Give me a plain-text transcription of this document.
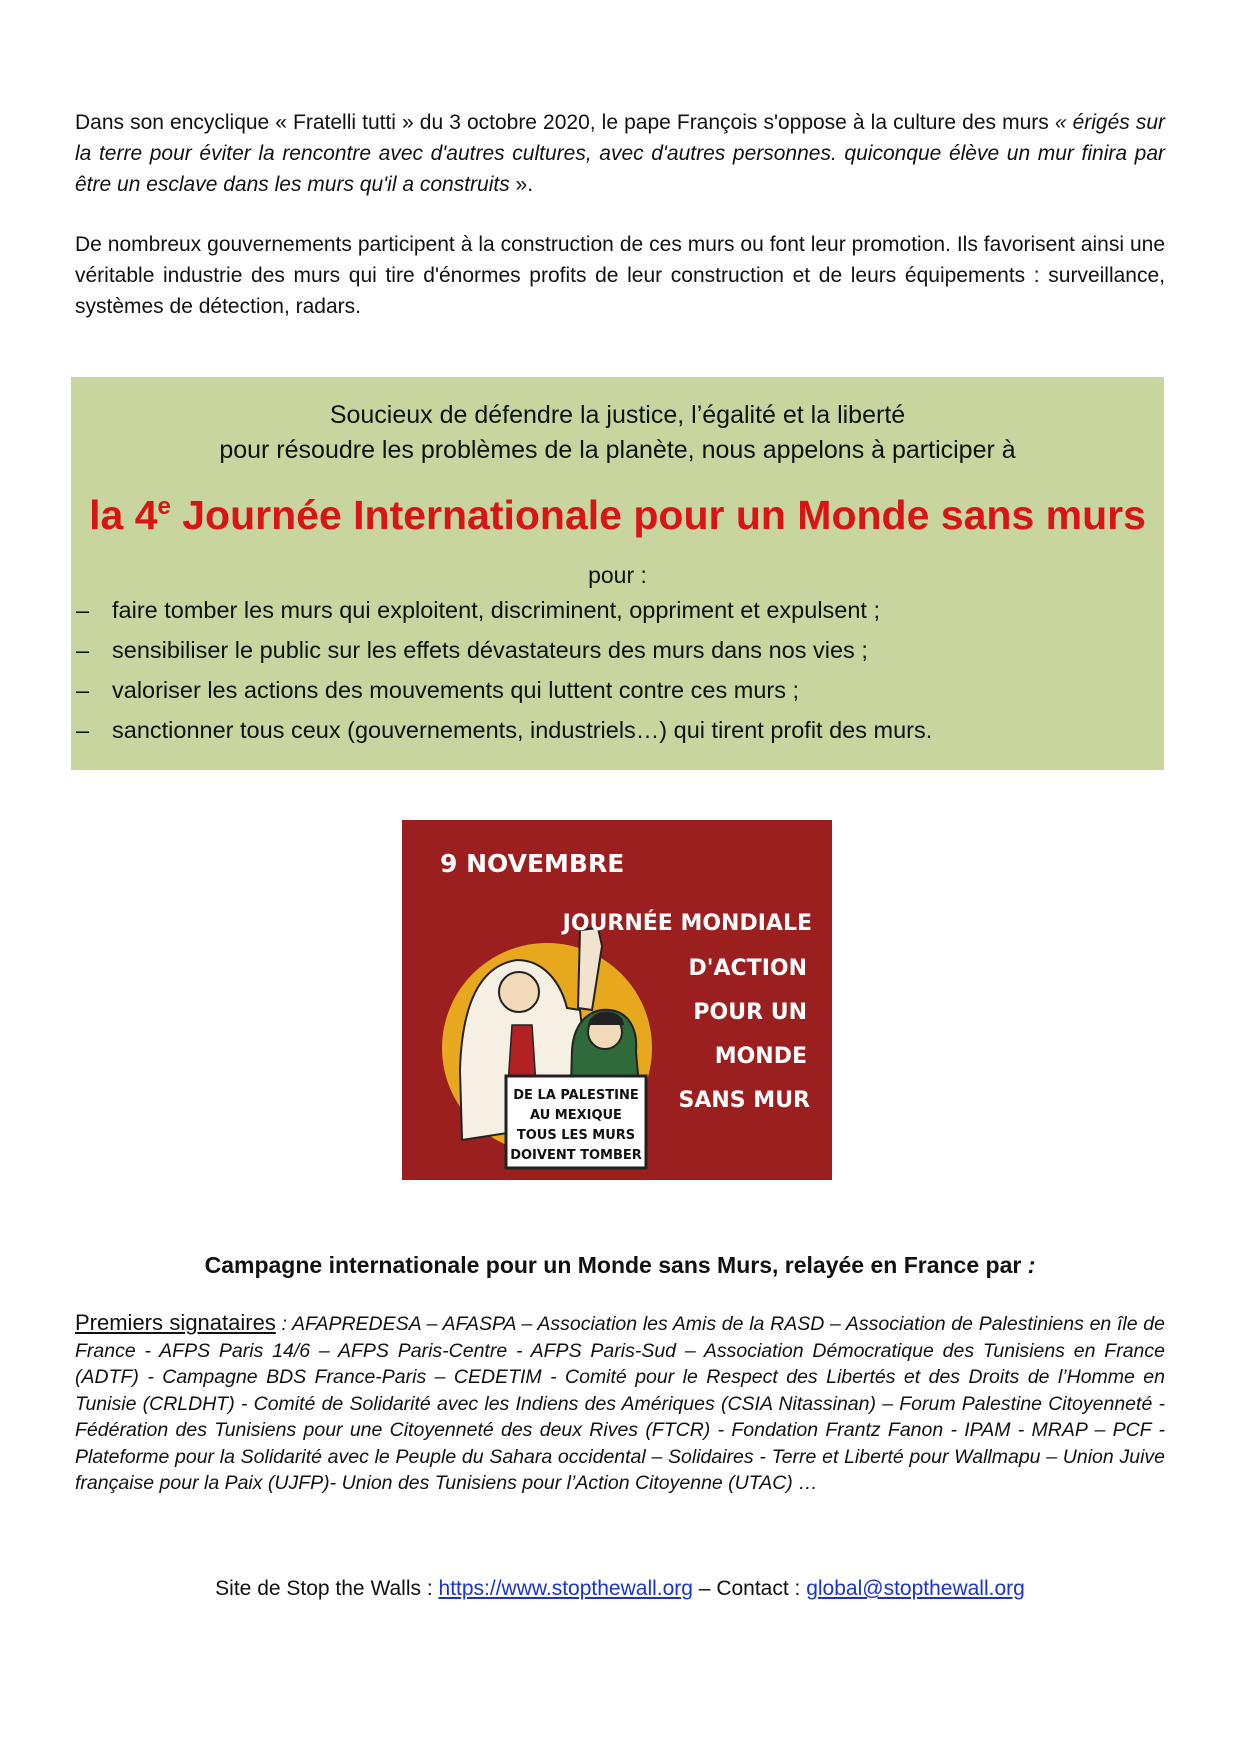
Dans son encyclique « Fratelli tutti » du 3 octobre 2020, le pape François s'oppose à la culture des murs « érigés sur la terre pour éviter la rencontre avec d'autres cultures, avec d'autres personnes. quiconque élève un mur finira par être un esclave dans les murs qu'il a construits ».

De nombreux gouvernements participent à la construction de ces murs ou font leur promotion. Ils favorisent ainsi une véritable industrie des murs qui tire d'énormes profits de leur construction et de leurs équipements : surveillance, systèmes de détection, radars.

Soucieux de défendre la justice, l’égalité et la liberté
pour résoudre les problèmes de la planète, nous appelons à participer à
la 4e Journée Internationale pour un Monde sans murs
pour :
– faire tomber les murs qui exploitent, discriminent, oppriment et expulsent ;
– sensibiliser le public sur les effets dévastateurs des murs dans nos vies ;
– valoriser les actions des mouvements qui luttent contre ces murs ;
– sanctionner tous ceux (gouvernements, industriels…) qui tirent profit des murs.
9 NOVEMBRE
DE LA PALESTINE
AU MEXIQUE
TOUS LES MURS
DOIVENT TOMBER
JOURNÉE MONDIALE
D'ACTION
POUR UN
MONDE
SANS MUR

Campagne internationale pour un Monde sans Murs, relayée en France par :

Premiers signataires : AFAPREDESA – AFASPA – Association les Amis de la RASD – Association de Palestiniens en île de France - AFPS Paris 14/6 – AFPS Paris-Centre - AFPS Paris-Sud – Association Démocratique des Tunisiens en France (ADTF) - Campagne BDS France-Paris – CEDETIM - Comité pour le Respect des Libertés et des Droits de l’Homme en Tunisie (CRLDHT) - Comité de Solidarité avec les Indiens des Amériques (CSIA Nitassinan) – Forum Palestine Citoyenneté - Fédération des Tunisiens pour une Citoyenneté des deux Rives (FTCR) - Fondation Frantz Fanon - IPAM - MRAP – PCF - Plateforme pour la Solidarité avec le Peuple du Sahara occidental – Solidaires - Terre et Liberté pour Wallmapu – Union Juive française pour la Paix (UJFP)- Union des Tunisiens pour l’Action Citoyenne (UTAC) …

Site de Stop the Walls : https://www.stopthewall.org – Contact : global@stopthewall.org
